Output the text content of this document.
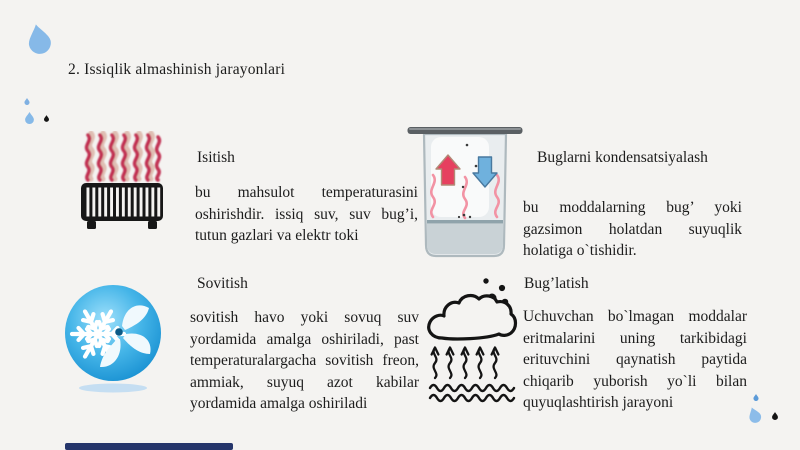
2. Issiqlik almashinish jarayonlari
Isitish
bu mahsulot temperaturasini oshirishdir. issiq suv, suv bug’i, tutun gazlari va elektr toki
Buglarni kondensatsiyalash
bu moddalarning bug’ yoki gazsimon holatdan suyuqlik holatiga o`tishidir.
Sovitish
sovitish havo yoki sovuq suv yordamida amalga oshiriladi, past temperaturalargacha sovitish freon, ammiak, suyuq azot kabilar yordamida amalga oshiriladi
Bug’latish
Uchuvchan bo`lmagan moddalar eritmalarini uning tarkibidagi erituvchini qaynatish paytida chiqarib yuborish yo`li bilan quyuqlashtirish jarayoni
